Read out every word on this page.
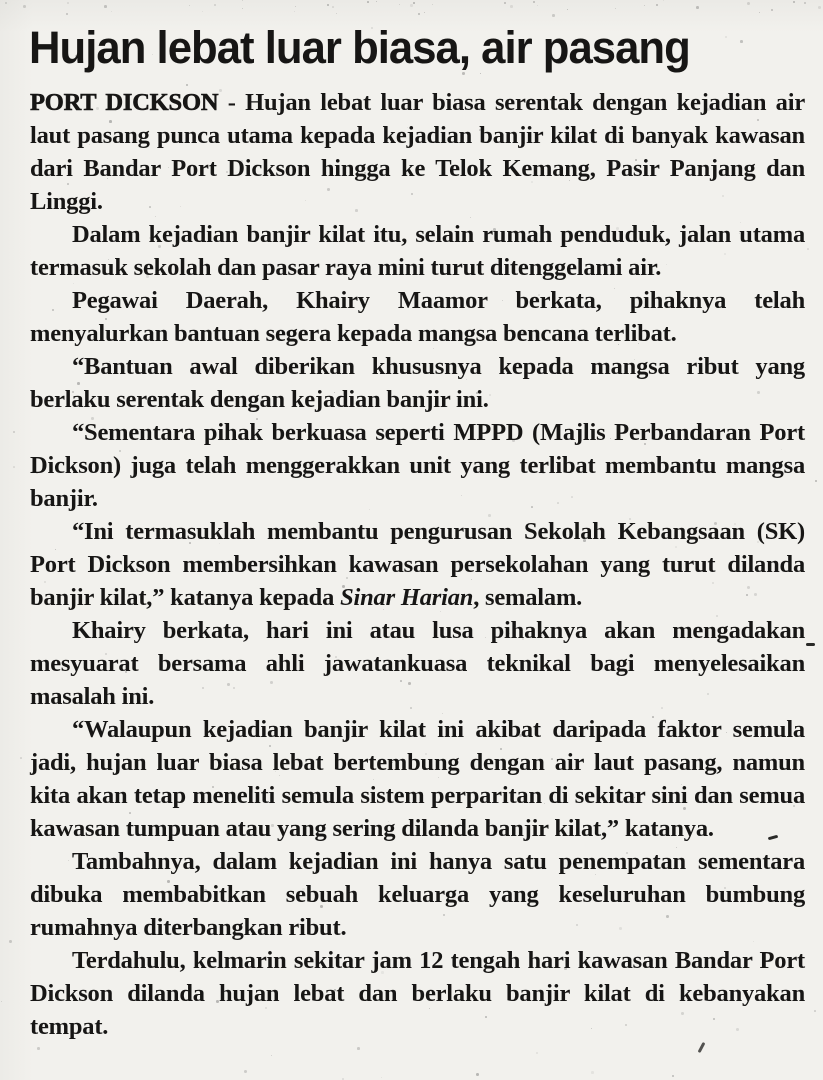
Hujan lebat luar biasa, air pasang

PORT DICKSON - Hujan lebat luar biasa serentak dengan kejadian air laut pasang punca utama kepada kejadian banjir kilat di banyak kawasan dari Bandar Port Dickson hingga ke Telok Kemang, Pasir Panjang dan Linggi.

Dalam kejadian banjir kilat itu, selain rumah penduduk, jalan utama termasuk sekolah dan pasar raya mini turut ditenggelami air.

Pegawai Daerah, Khairy Maamor berkata, pihaknya telah menyalurkan bantuan segera kepada mangsa bencana terlibat.

“Bantuan awal diberikan khususnya kepada mangsa ribut yang berlaku serentak dengan kejadian banjir ini.

“Sementara pihak berkuasa seperti MPPD (Majlis Perbandaran Port Dickson) juga telah menggerakkan unit yang terlibat membantu mangsa banjir.

“Ini termasuklah membantu pengurusan Sekolah Kebangsaan (SK) Port Dickson membersihkan kawasan persekolahan yang turut dilanda banjir kilat,” katanya kepada Sinar Harian, semalam.

Khairy berkata, hari ini atau lusa pihaknya akan mengadakan mesyuarat bersama ahli jawatankuasa teknikal bagi menyelesaikan masalah ini.

“Walaupun kejadian banjir kilat ini akibat daripada faktor semula jadi, hujan luar biasa lebat bertembung dengan air laut pasang, namun kita akan tetap meneliti semula sistem perparitan di sekitar sini dan semua kawasan tumpuan atau yang sering dilanda banjir kilat,” katanya.

Tambahnya, dalam kejadian ini hanya satu penempatan sementara dibuka membabitkan sebuah keluarga yang keseluruhan bumbung rumahnya diterbangkan ribut.

Terdahulu, kelmarin sekitar jam 12 tengah hari kawasan Bandar Port Dickson dilanda hujan lebat dan berlaku banjir kilat di kebanyakan tempat.
